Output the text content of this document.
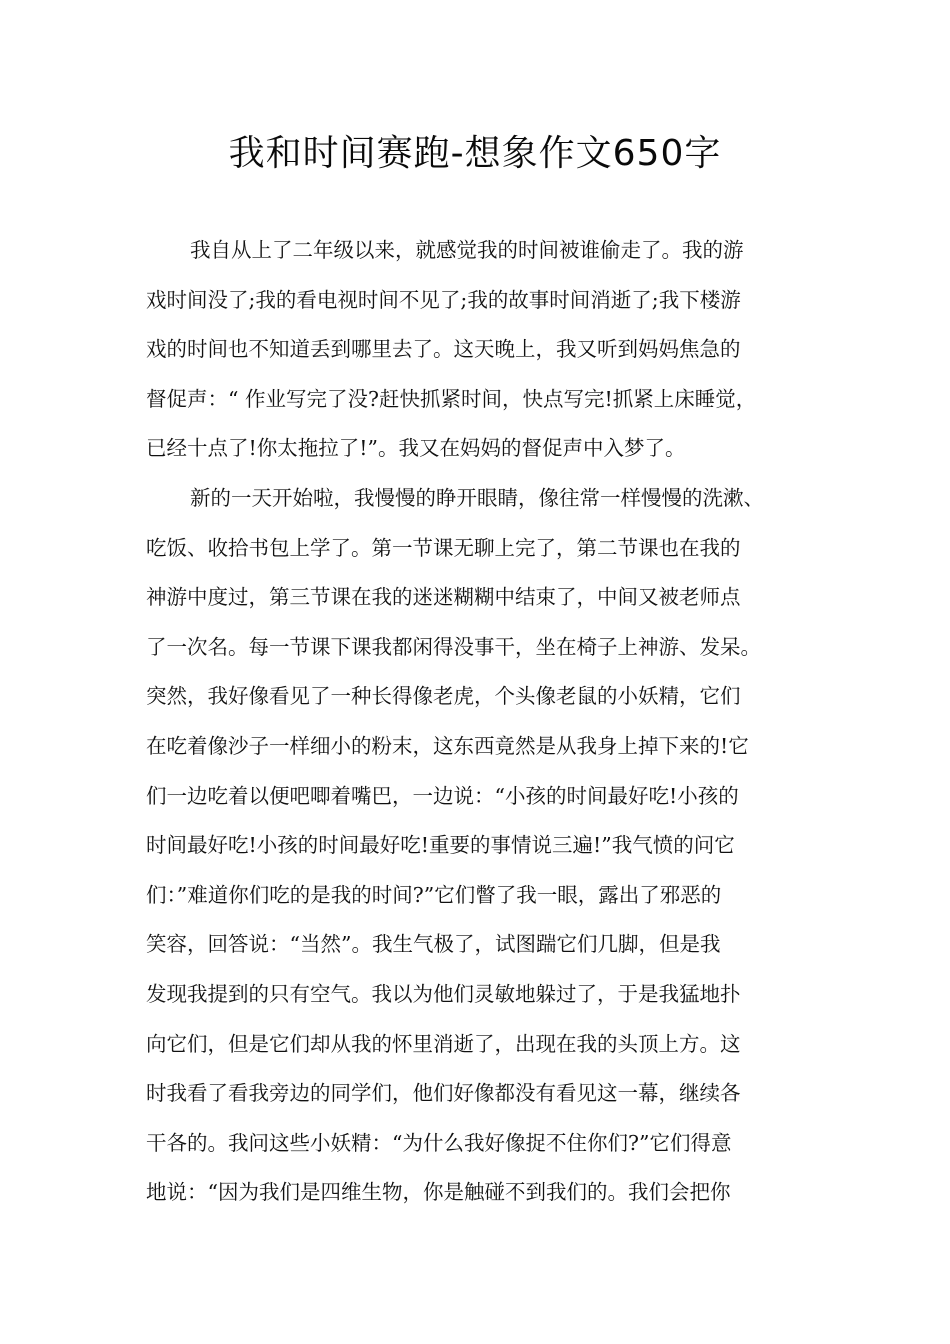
我和时间赛跑-想象作文650字
我自从上了二年级以来，就感觉我的时间被谁偷走了。我的游
戏时间没了;我的看电视时间不见了;我的故事时间消逝了;我下楼游
戏的时间也不知道丢到哪里去了。这天晚上，我又听到妈妈焦急的
督促声：“ 作业写完了没?赶快抓紧时间，快点写完!抓紧上床睡觉，
已经十点了!你太拖拉了!”。我又在妈妈的督促声中入梦了。
新的一天开始啦，我慢慢的睁开眼睛，像往常一样慢慢的洗漱、
吃饭、收拾书包上学了。第一节课无聊上完了，第二节课也在我的
神游中度过，第三节课在我的迷迷糊糊中结束了，中间又被老师点
了一次名。每一节课下课我都闲得没事干，坐在椅子上神游、发呆。
突然，我好像看见了一种长得像老虎，个头像老鼠的小妖精，它们
在吃着像沙子一样细小的粉末，这东西竟然是从我身上掉下来的!它
们一边吃着以便吧唧着嘴巴，一边说：“小孩的时间最好吃!小孩的
时间最好吃!小孩的时间最好吃!重要的事情说三遍!”我气愤的问它
们：”难道你们吃的是我的时间?”它们瞥了我一眼，露出了邪恶的
笑容，回答说：“当然”。我生气极了，试图踹它们几脚，但是我
发现我提到的只有空气。我以为他们灵敏地躲过了，于是我猛地扑
向它们，但是它们却从我的怀里消逝了，出现在我的头顶上方。这
时我看了看我旁边的同学们，他们好像都没有看见这一幕，继续各
干各的。我问这些小妖精：“为什么我好像捉不住你们?”它们得意
地说：“因为我们是四维生物，你是触碰不到我们的。我们会把你
